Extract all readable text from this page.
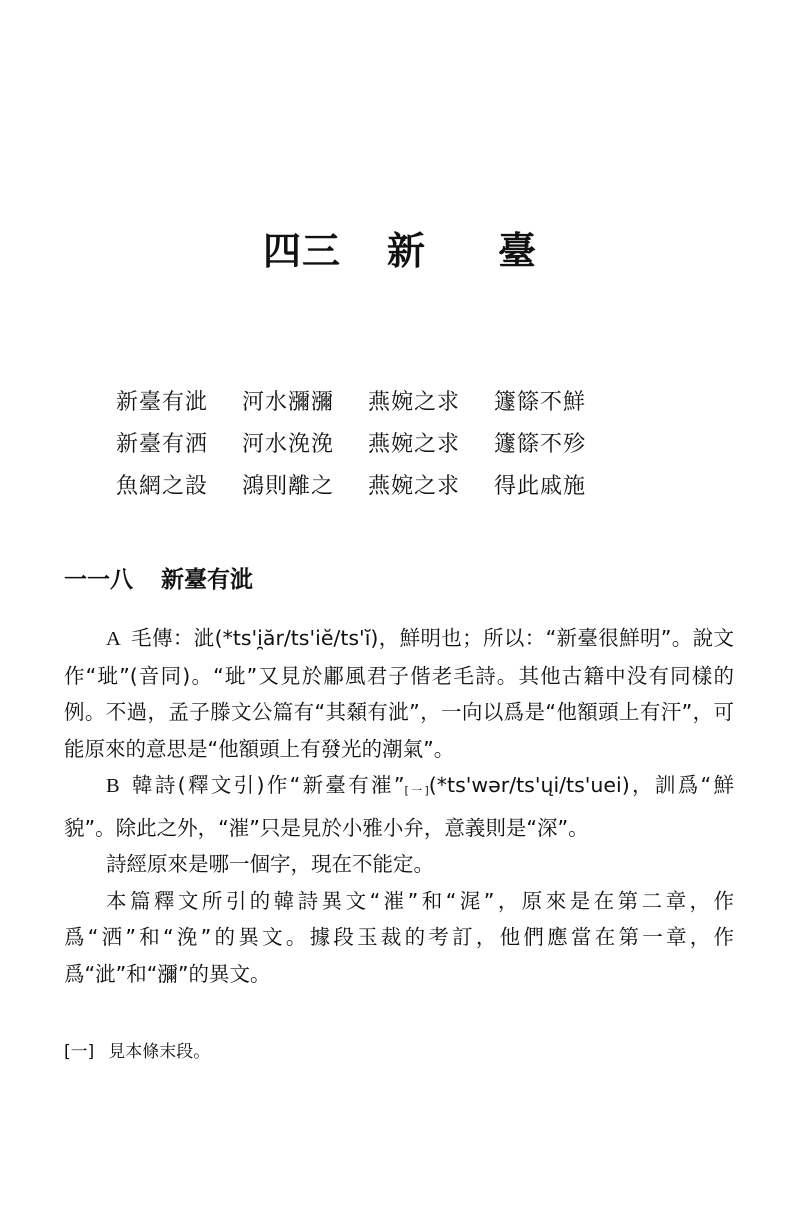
四三 新 臺
新臺有泚	河水瀰瀰	燕婉之求	籧篨不鮮
新臺有洒	河水浼浼	燕婉之求	籧篨不殄
魚網之設	鴻則離之	燕婉之求	得此戚施
一一八 新臺有泚

A 毛傳：泚(*ts'i̯ăr/ts'iĕ/ts'ĭ)，鮮明也；所以：“新臺很鮮明”。說文作“玼”(音同)。“玼”又見於鄘風君子偕老毛詩。其他古籍中没有同樣的例。不過，孟子滕文公篇有“其顙有泚”，一向以爲是“他額頭上有汗”，可能原來的意思是“他額頭上有發光的潮氣”。

B 韓詩(釋文引)作“新臺有漼”[一](*ts'wər/ts'ųi/ts'uei)，訓爲“鮮貌”。除此之外，“漼”只是見於小雅小弁，意義則是“深”。

詩經原來是哪一個字，現在不能定。

本篇釋文所引的韓詩異文“漼”和“浘”，原來是在第二章，作爲“洒”和“浼”的異文。據段玉裁的考訂，他們應當在第一章，作爲“泚”和“瀰”的異文。

[一] 見本條末段。
